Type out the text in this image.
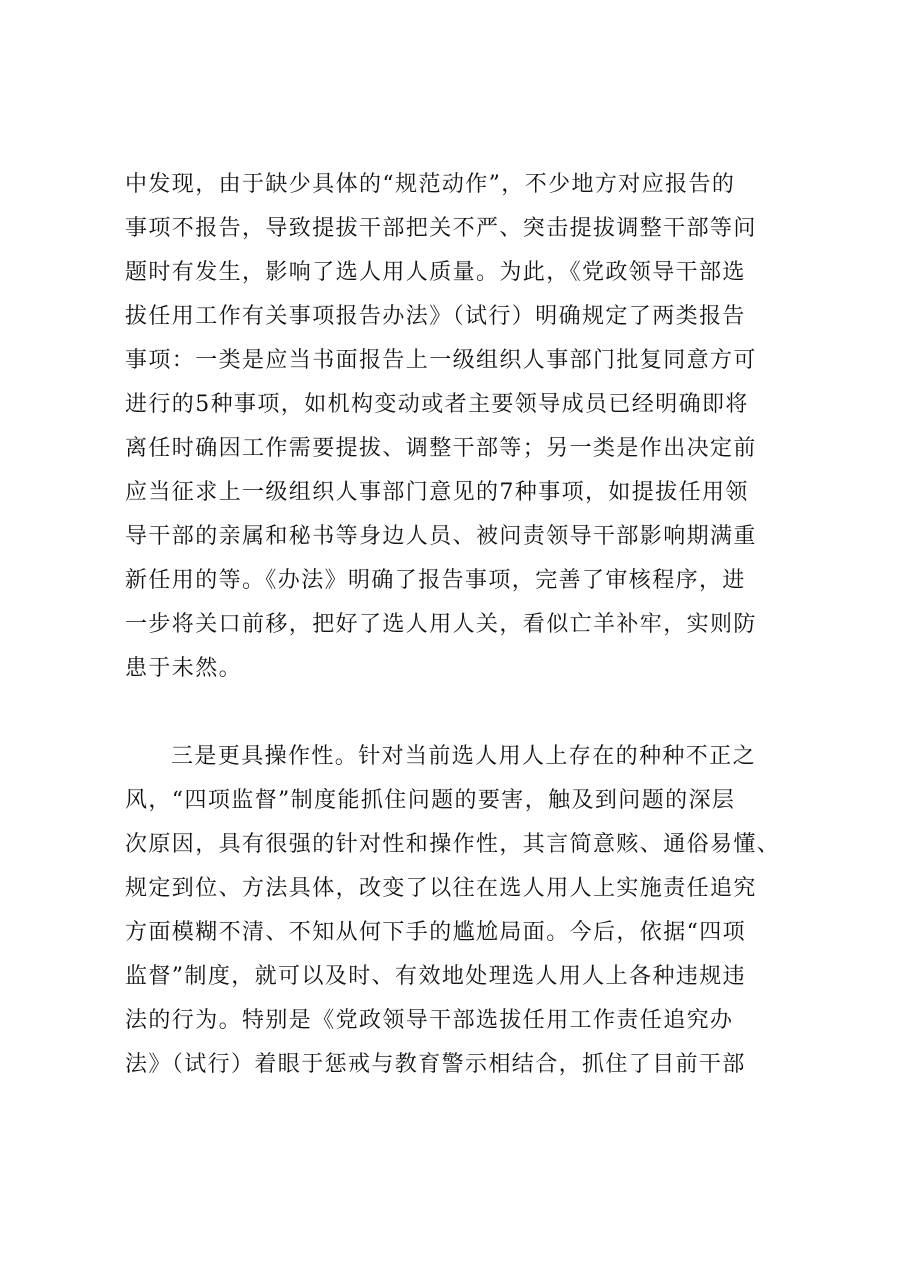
中发现，由于缺少具体的“规范动作”，不少地方对应报告的
事项不报告，导致提拔干部把关不严、突击提拔调整干部等问
题时有发生，影响了选人用人质量。为此，《党政领导干部选
拔任用工作有关事项报告办法》（试行）明确规定了两类报告
事项：一类是应当书面报告上一级组织人事部门批复同意方可
进行的5种事项，如机构变动或者主要领导成员已经明确即将
离任时确因工作需要提拔、调整干部等；另一类是作出决定前
应当征求上一级组织人事部门意见的7种事项，如提拔任用领
导干部的亲属和秘书等身边人员、被问责领导干部影响期满重
新任用的等。《办法》明确了报告事项，完善了审核程序，进
一步将关口前移，把好了选人用人关，看似亡羊补牢，实则防
患于未然。
三是更具操作性。针对当前选人用人上存在的种种不正之
风，“四项监督”制度能抓住问题的要害，触及到问题的深层
次原因，具有很强的针对性和操作性，其言简意赅、通俗易懂、
规定到位、方法具体，改变了以往在选人用人上实施责任追究
方面模糊不清、不知从何下手的尴尬局面。今后，依据“四项
监督”制度，就可以及时、有效地处理选人用人上各种违规违
法的行为。特别是《党政领导干部选拔任用工作责任追究办
法》（试行）着眼于惩戒与教育警示相结合，抓住了目前干部
